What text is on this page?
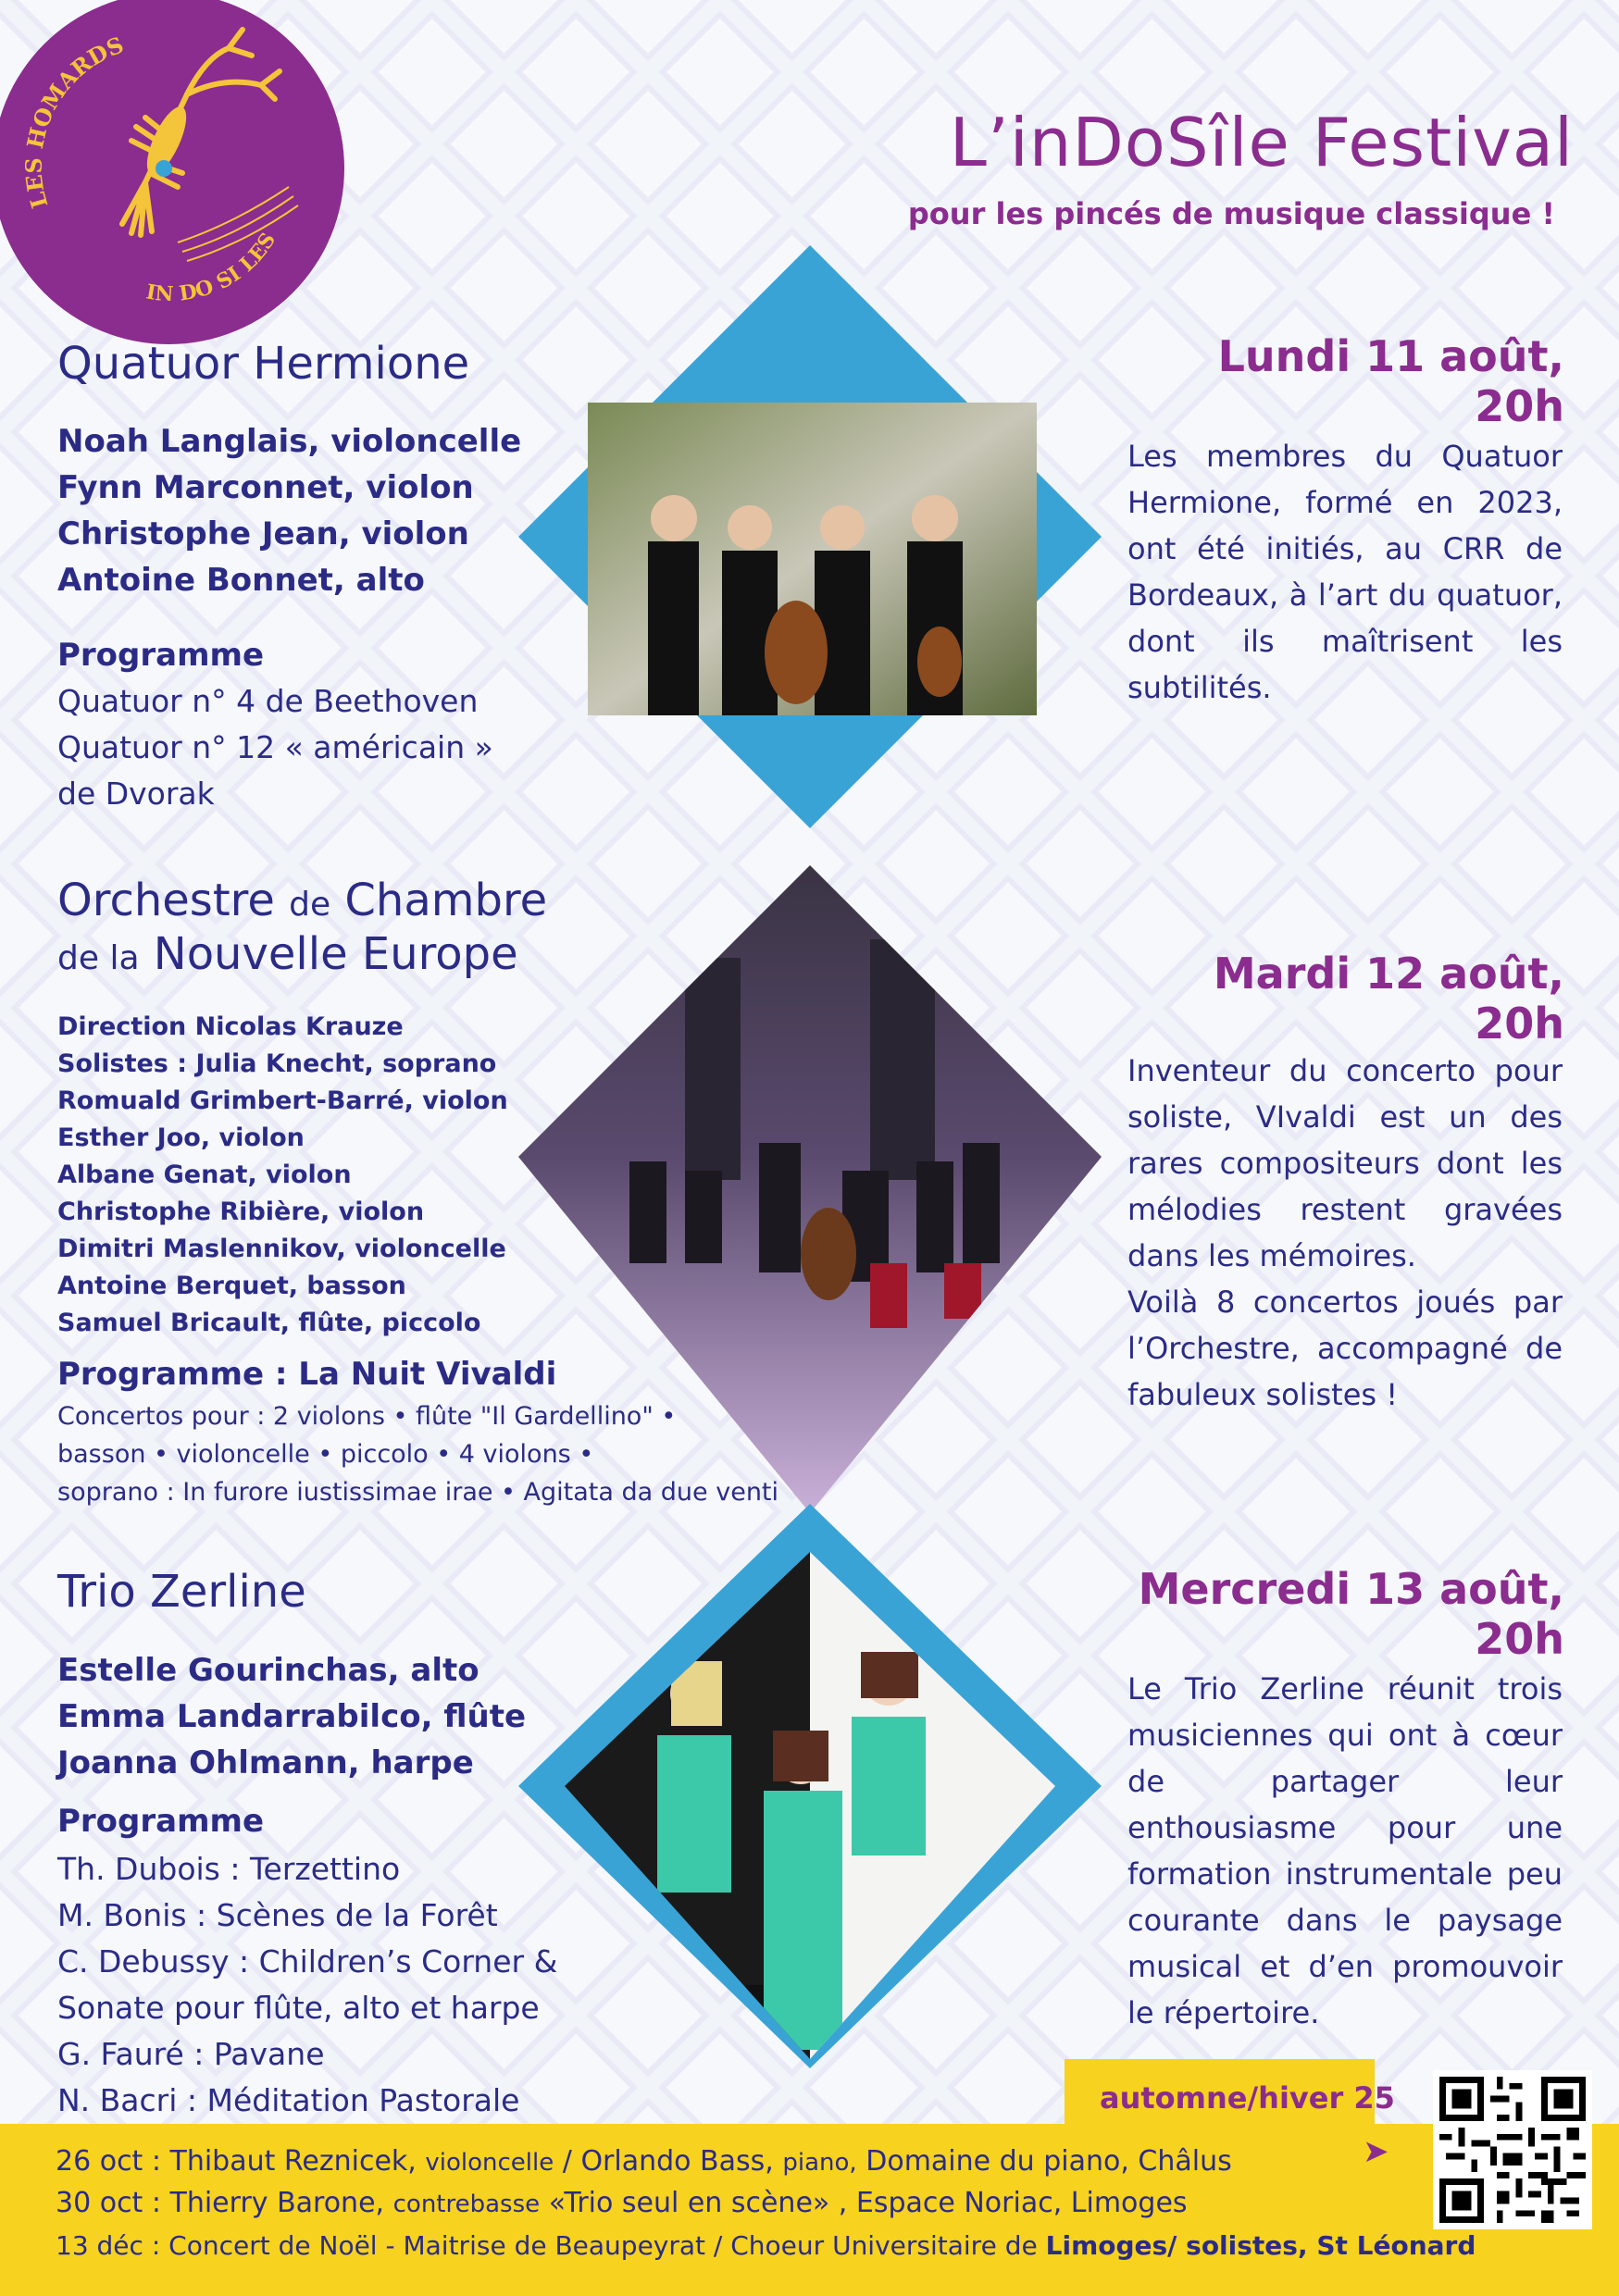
LES HOMARDS
IN DO SI LES
L’inDoSîle Festival
pour les pincés de musique classique !
Quatuor Hermione
Noah Langlais, violoncelle
Fynn Marconnet, violon
Christophe Jean, violon
Antoine Bonnet, alto
Programme
Quatuor n° 4 de Beethoven
Quatuor n° 12 « américain »
de Dvorak
Lundi 11 août, 20h

Les membres du Quatuor Hermione, formé en 2023, ont été initiés, au CRR de Bordeaux, à l’art du quatuor, dont ils maîtrisent les subtilités.

Orchestre de Chambre
de la Nouvelle Europe
Direction Nicolas Krauze
Solistes : Julia Knecht, soprano
Romuald Grimbert-Barré, violon
Esther Joo, violon
Albane Genat, violon
Christophe Ribière, violon
Dimitri Maslennikov, violoncelle
Antoine Berquet, basson
Samuel Bricault, flûte, piccolo
Programme : La Nuit Vivaldi
Concertos pour : 2 violons • flûte "Il Gardellino" •
basson • violoncelle • piccolo • 4 violons •
soprano : In furore iustissimae irae • Agitata da due venti
Mardi 12 août, 20h

Inventeur du concerto pour soliste, VIvaldi est un des rares compositeurs dont les mélodies restent gravées dans les mémoires.

Voilà 8 concertos joués par l’Orchestre, accompagné de fabuleux solistes !

Trio Zerline
Estelle Gourinchas, alto
Emma Landarrabilco, flûte
Joanna Ohlmann, harpe
Programme
Th. Dubois : Terzettino
M. Bonis : Scènes de la Forêt
C. Debussy : Children’s Corner &
Sonate pour flûte, alto et harpe
G. Fauré : Pavane
N. Bacri : Méditation Pastorale
Mercredi 13 août, 20h

Le Trio Zerline réunit trois musiciennes qui ont à cœur de partager leur enthousiasme pour une formation instrumentale peu courante dans le paysage musical et d’en promouvoir le répertoire.

automne/hiver 25
➤
26 oct : Thibaut Reznicek, violoncelle / Orlando Bass, piano, Domaine du piano, Châlus
30 oct : Thierry Barone, contrebasse «Trio seul en scène» , Espace Noriac, Limoges
13 déc : Concert de Noël - Maitrise de Beaupeyrat / Choeur Universitaire de Limoges/ solistes, St Léonard
